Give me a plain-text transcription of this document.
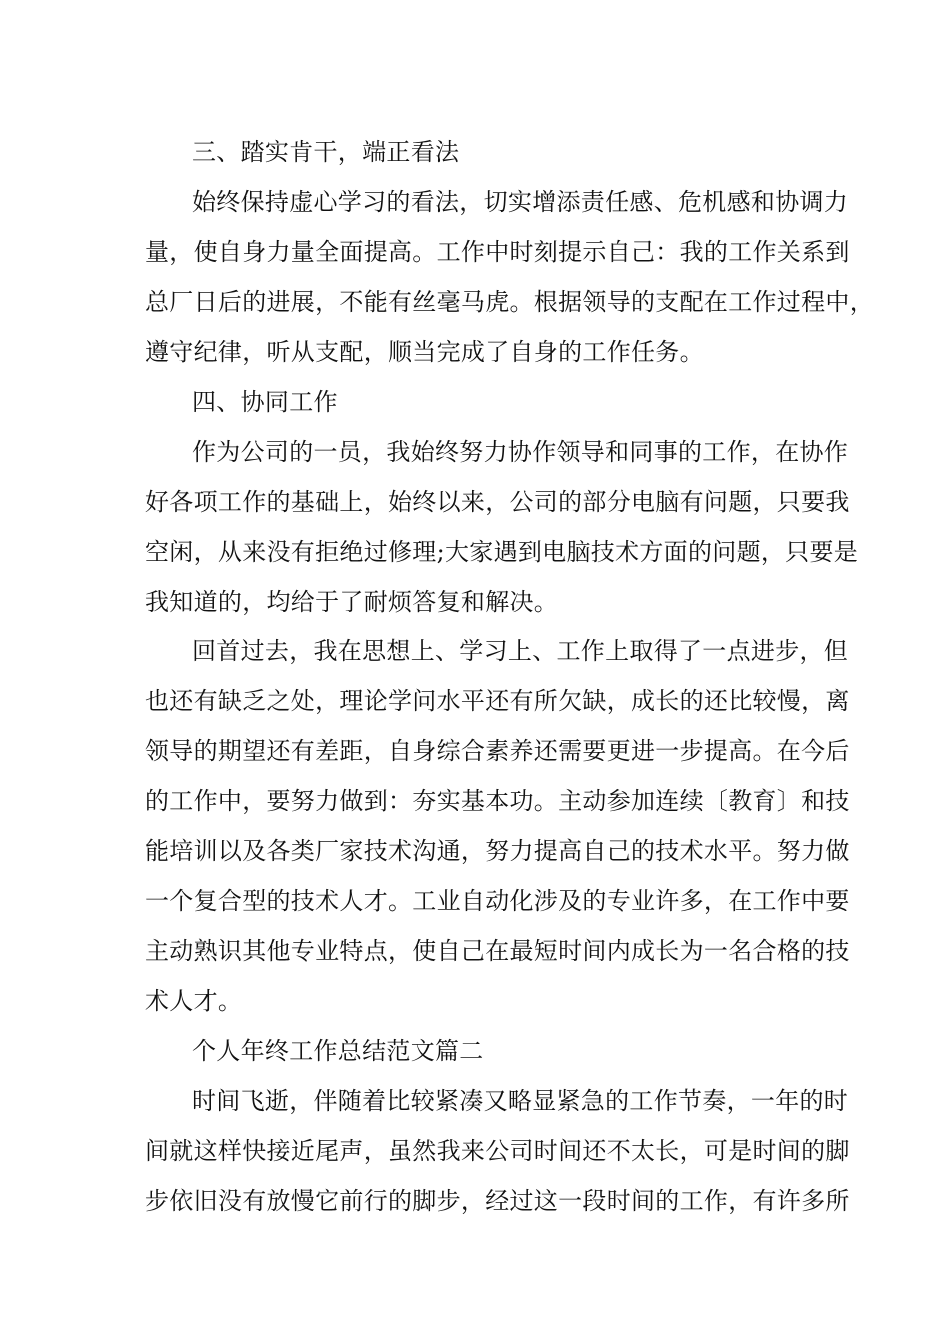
三、踏实肯干，端正看法
始终保持虚心学习的看法，切实增添责任感、危机感和协调力
量，使自身力量全面提高。工作中时刻提示自己：我的工作关系到
总厂日后的进展，不能有丝毫马虎。根据领导的支配在工作过程中，
遵守纪律，听从支配，顺当完成了自身的工作任务。
四、协同工作
作为公司的一员，我始终努力协作领导和同事的工作，在协作
好各项工作的基础上，始终以来，公司的部分电脑有问题，只要我
空闲，从来没有拒绝过修理;大家遇到电脑技术方面的问题，只要是
我知道的，均给于了耐烦答复和解决。
回首过去，我在思想上、学习上、工作上取得了一点进步，但
也还有缺乏之处，理论学问水平还有所欠缺，成长的还比较慢，离
领导的期望还有差距，自身综合素养还需要更进一步提高。在今后
的工作中，要努力做到：夯实基本功。主动参加连续〔教育〕和技
能培训以及各类厂家技术沟通，努力提高自己的技术水平。努力做
一个复合型的技术人才。工业自动化涉及的专业许多，在工作中要
主动熟识其他专业特点，使自己在最短时间内成长为一名合格的技
术人才。
个人年终工作总结范文篇二
时间飞逝，伴随着比较紧凑又略显紧急的工作节奏，一年的时
间就这样快接近尾声，虽然我来公司时间还不太长，可是时间的脚
步依旧没有放慢它前行的脚步，经过这一段时间的工作，有许多所
